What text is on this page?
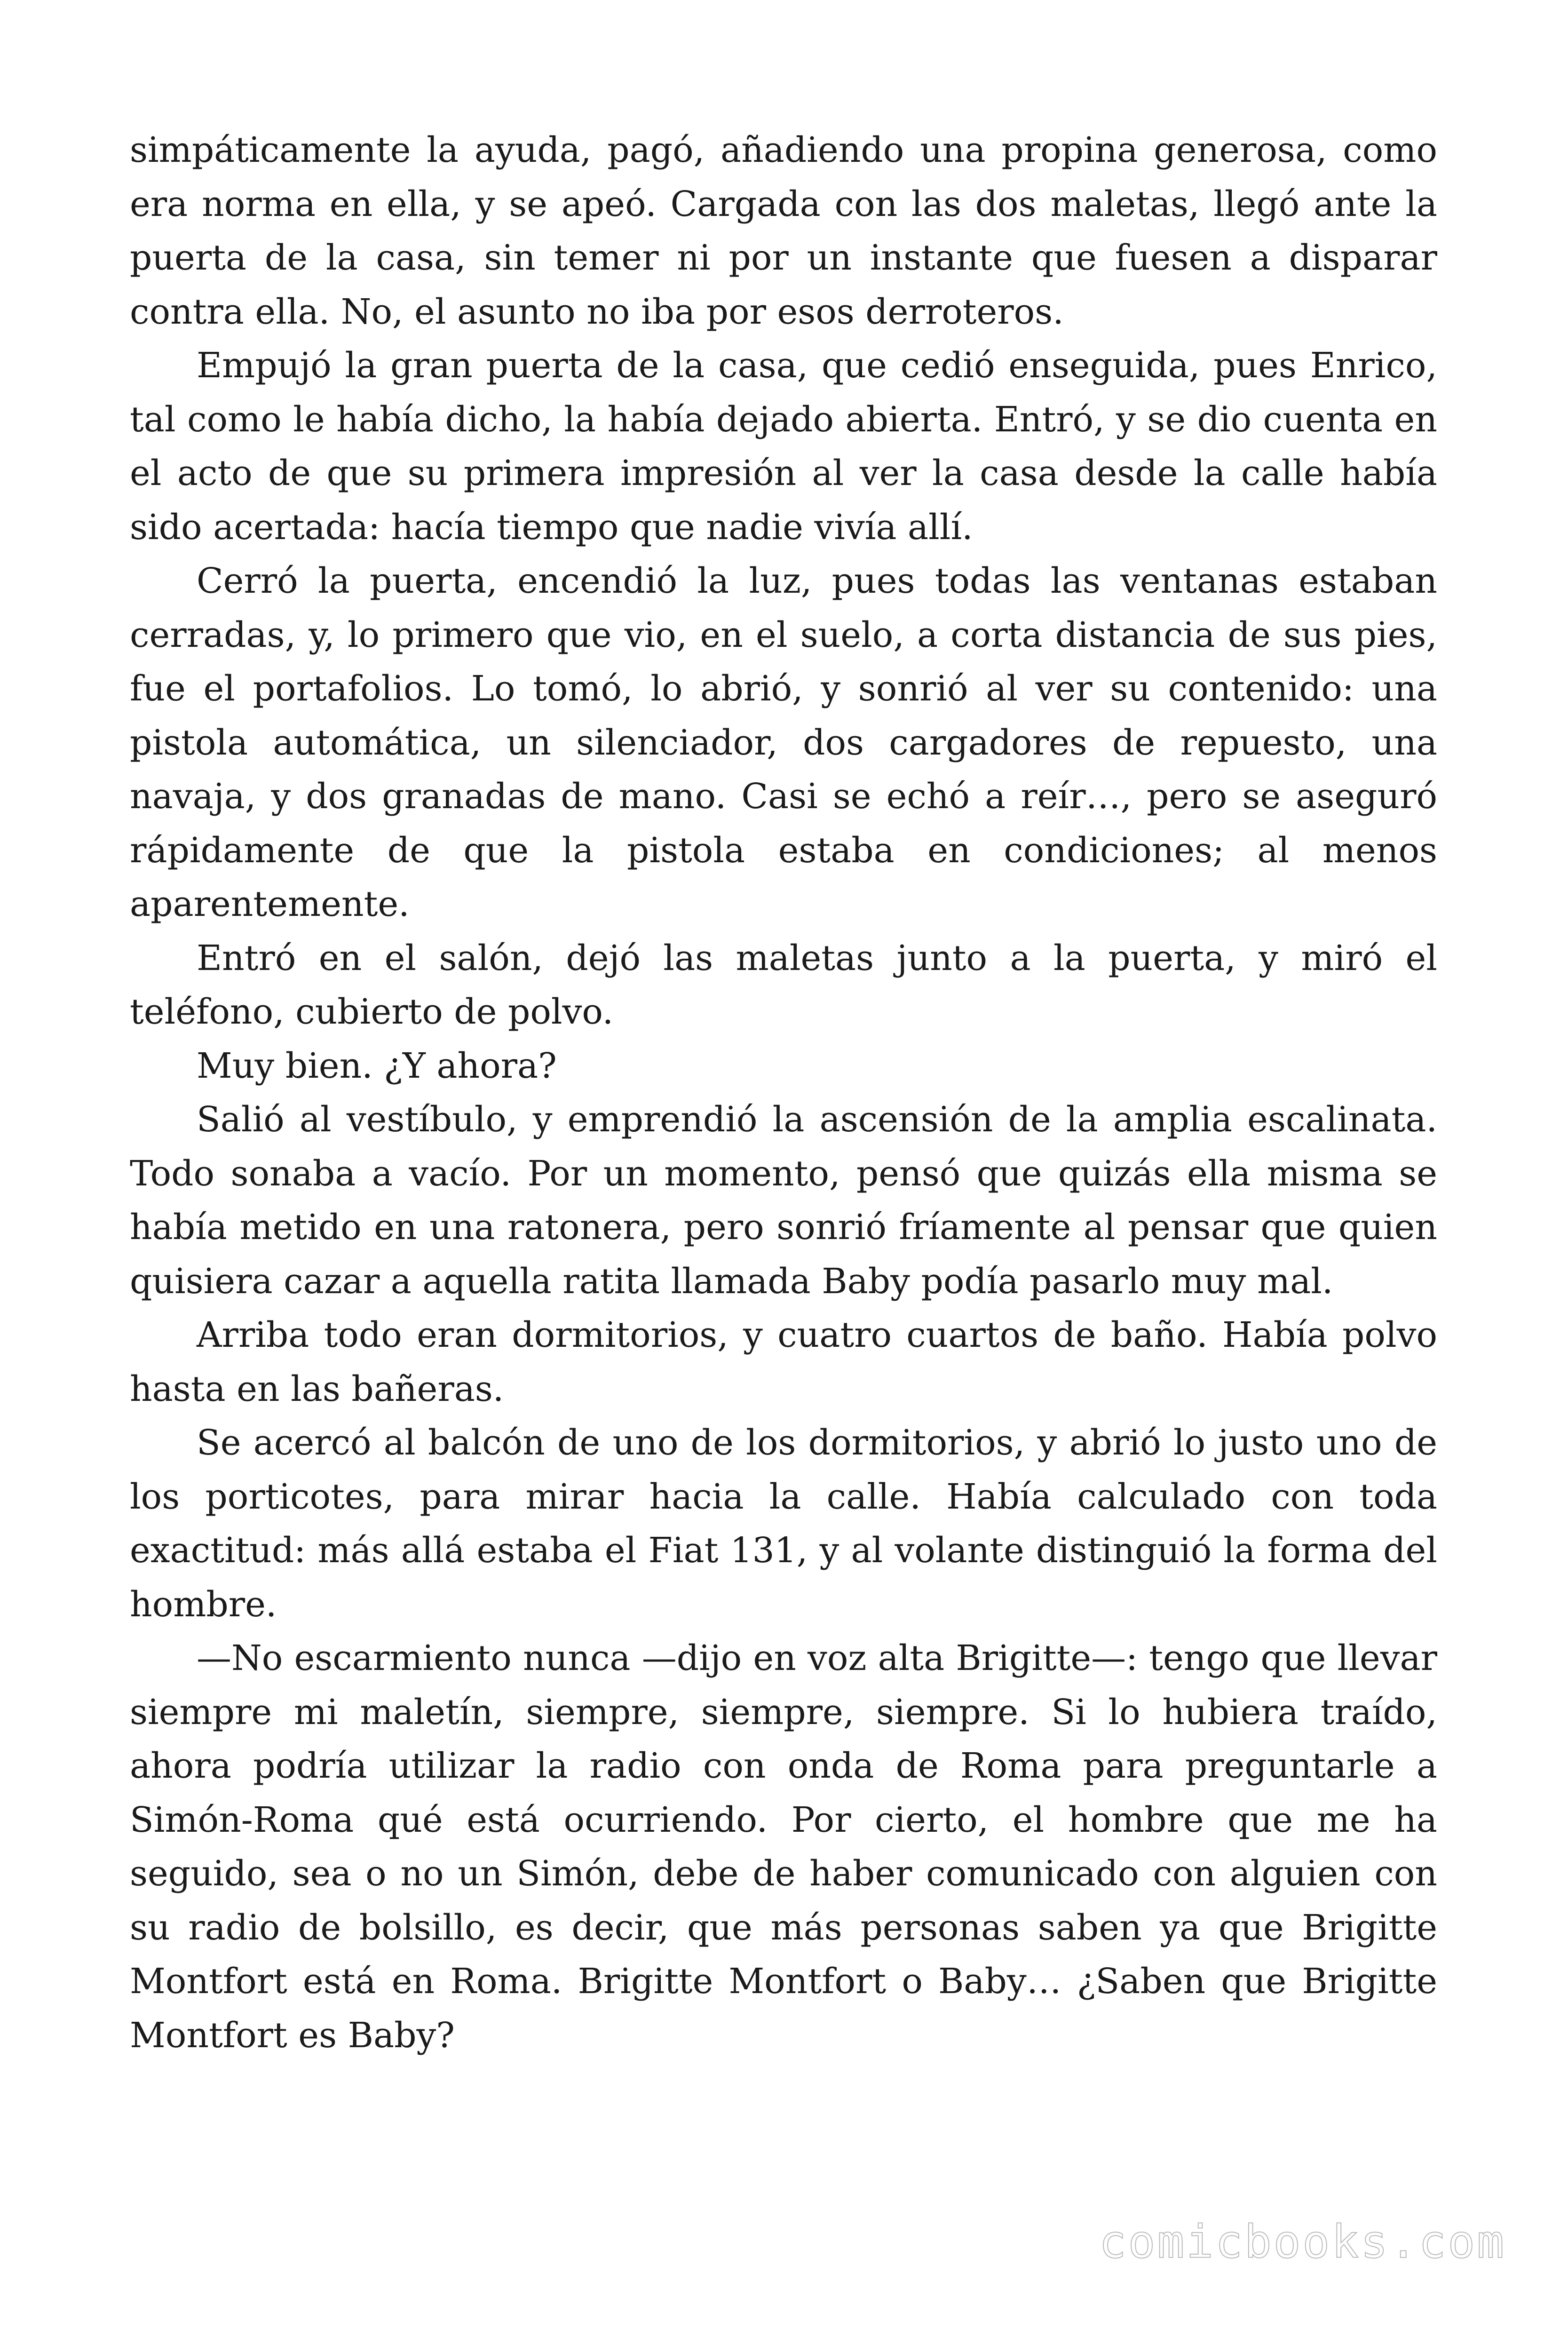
simpáticamente la ayuda, pagó, añadiendo una propina generosa, como era norma en ella, y se apeó. Cargada con las dos maletas, llegó ante la puerta de la casa, sin temer ni por un instante que fuesen a disparar contra ella. No, el asunto no iba por esos derroteros.

Empujó la gran puerta de la casa, que cedió enseguida, pues Enrico, tal como le había dicho, la había dejado abierta. Entró, y se dio cuenta en el acto de que su primera impresión al ver la casa desde la calle había sido acertada: hacía tiempo que nadie vivía allí.

Cerró la puerta, encendió la luz, pues todas las ventanas estaban cerradas, y, lo primero que vio, en el suelo, a corta distancia de sus pies, fue el portafolios. Lo tomó, lo abrió, y sonrió al ver su contenido: una pistola automática, un silenciador, dos cargadores de repuesto, una navaja, y dos granadas de mano. Casi se echó a reír…, pero se aseguró rápidamente de que la pistola estaba en condiciones; al menos aparentemente.

Entró en el salón, dejó las maletas junto a la puerta, y miró el teléfono, cubierto de polvo.

Muy bien. ¿Y ahora?

Salió al vestíbulo, y emprendió la ascensión de la amplia escalinata. Todo sonaba a vacío. Por un momento, pensó que quizás ella misma se había metido en una ratonera, pero sonrió fríamente al pensar que quien quisiera cazar a aquella ratita llamada Baby podía pasarlo muy mal.

Arriba todo eran dormitorios, y cuatro cuartos de baño. Había polvo hasta en las bañeras.

Se acercó al balcón de uno de los dormitorios, y abrió lo justo uno de los porticotes, para mirar hacia la calle. Había calculado con toda exactitud: más allá estaba el Fiat 131, y al volante distinguió la forma del hombre.

—No escarmiento nunca —dijo en voz alta Brigitte—: tengo que llevar siempre mi maletín, siempre, siempre, siempre. Si lo hubiera traído, ahora podría utilizar la radio con onda de Roma para preguntarle a Simón-Roma qué está ocurriendo. Por cierto, el hombre que me ha seguido, sea o no un Simón, debe de haber comunicado con alguien con su radio de bolsillo, es decir, que más personas saben ya que Brigitte Montfort está en Roma. Brigitte Montfort o Baby… ¿Saben que Brigitte Montfort es Baby?

comicbooks.com
